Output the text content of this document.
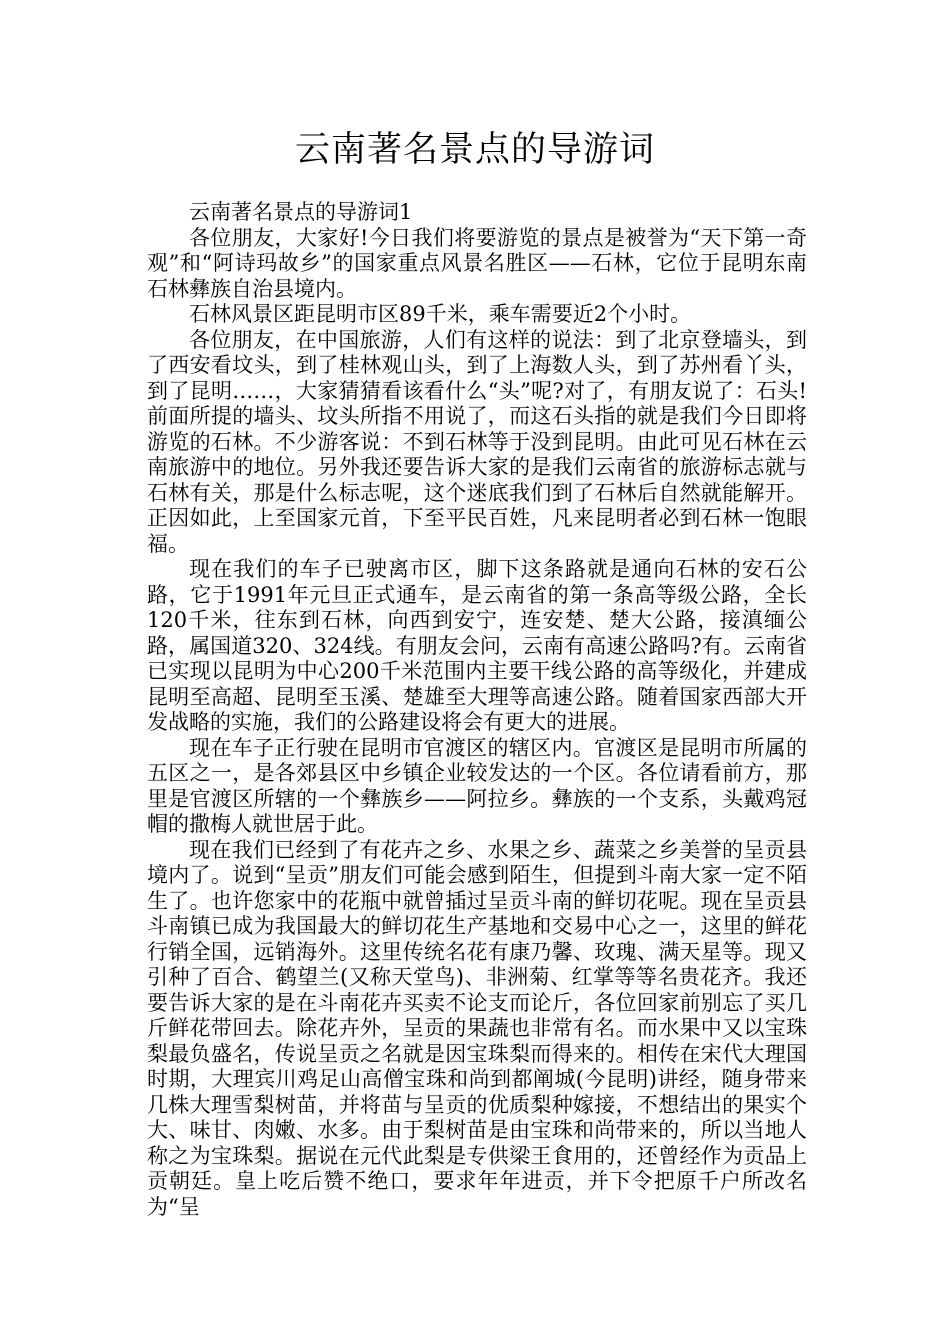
云南著名景点的导游词

云南著名景点的导游词1

各位朋友，大家好!今日我们将要游览的景点是被誉为“天下第一奇观”和“阿诗玛故乡”的国家重点风景名胜区——石林，它位于昆明东南石林彝族自治县境内。

石林风景区距昆明市区89千米，乘车需要近2个小时。

各位朋友，在中国旅游，人们有这样的说法：到了北京登墙头，到了西安看坟头，到了桂林观山头，到了上海数人头，到了苏州看丫头，到了昆明……，大家猜猜看该看什么“头”呢?对了，有朋友说了：石头!前面所提的墙头、坟头所指不用说了，而这石头指的就是我们今日即将游览的石林。不少游客说：不到石林等于没到昆明。由此可见石林在云南旅游中的地位。另外我还要告诉大家的是我们云南省的旅游标志就与石林有关，那是什么标志呢，这个迷底我们到了石林后自然就能解开。正因如此，上至国家元首，下至平民百姓，凡来昆明者必到石林一饱眼福。

现在我们的车子已驶离市区，脚下这条路就是通向石林的安石公路，它于1991年元旦正式通车，是云南省的第一条高等级公路，全长120千米，往东到石林，向西到安宁，连安楚、楚大公路，接滇缅公路，属国道320、324线。有朋友会问，云南有高速公路吗?有。云南省已实现以昆明为中心200千米范围内主要干线公路的高等级化，并建成昆明至高超、昆明至玉溪、楚雄至大理等高速公路。随着国家西部大开发战略的实施，我们的公路建设将会有更大的进展。

现在车子正行驶在昆明市官渡区的辖区内。官渡区是昆明市所属的五区之一，是各郊县区中乡镇企业较发达的一个区。各位请看前方，那里是官渡区所辖的一个彝族乡——阿拉乡。彝族的一个支系，头戴鸡冠帽的撒梅人就世居于此。

现在我们已经到了有花卉之乡、水果之乡、蔬菜之乡美誉的呈贡县境内了。说到“呈贡”朋友们可能会感到陌生，但提到斗南大家一定不陌生了。也许您家中的花瓶中就曾插过呈贡斗南的鲜切花呢。现在呈贡县斗南镇已成为我国最大的鲜切花生产基地和交易中心之一，这里的鲜花行销全国，远销海外。这里传统名花有康乃馨、玫瑰、满天星等。现又引种了百合、鹤望兰(又称天堂鸟)、非洲菊、红掌等等名贵花齐。我还要告诉大家的是在斗南花卉买卖不论支而论斤，各位回家前别忘了买几斤鲜花带回去。除花卉外，呈贡的果蔬也非常有名。而水果中又以宝珠梨最负盛名，传说呈贡之名就是因宝珠梨而得来的。相传在宋代大理国时期，大理宾川鸡足山高僧宝珠和尚到都阐城(今昆明)讲经，随身带来几株大理雪梨树苗，并将苗与呈贡的优质梨种嫁接，不想结出的果实个大、味甘、肉嫩、水多。由于梨树苗是由宝珠和尚带来的，所以当地人称之为宝珠梨。据说在元代此梨是专供梁王食用的，还曾经作为贡品上贡朝廷。皇上吃后赞不绝口，要求年年进贡，并下令把原千户所改名为“呈
